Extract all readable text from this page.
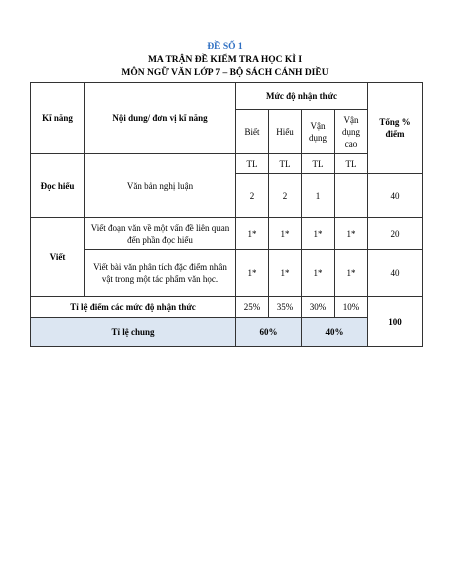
ĐỀ SỐ 1
MA TRẬN ĐỀ KIỂM TRA HỌC KÌ I
MÔN NGỮ VĂN LỚP 7 – BỘ SÁCH CÁNH DIỀU
Kĩ năng	Nội dung/ đơn vị kĩ năng	Mức độ nhận thức				Tổng % điểm
		Biết	Hiểu	Vận dụng	Vận dụng cao	
Đọc hiểu	Văn bản nghị luận	TL	TL	TL	TL	
		2	2	1		40
Viết	Viết đoạn văn về một vấn đề liên quan đến phần đọc hiểu	1*	1*	1*	1*	20
	Viết bài văn phân tích đặc điểm nhân vật trong một tác phẩm văn học.	1*	1*	1*	1*	40
Tỉ lệ điểm các mức độ nhận thức		25%	35%	30%	10%	100
Tỉ lệ chung		60%		40%		
